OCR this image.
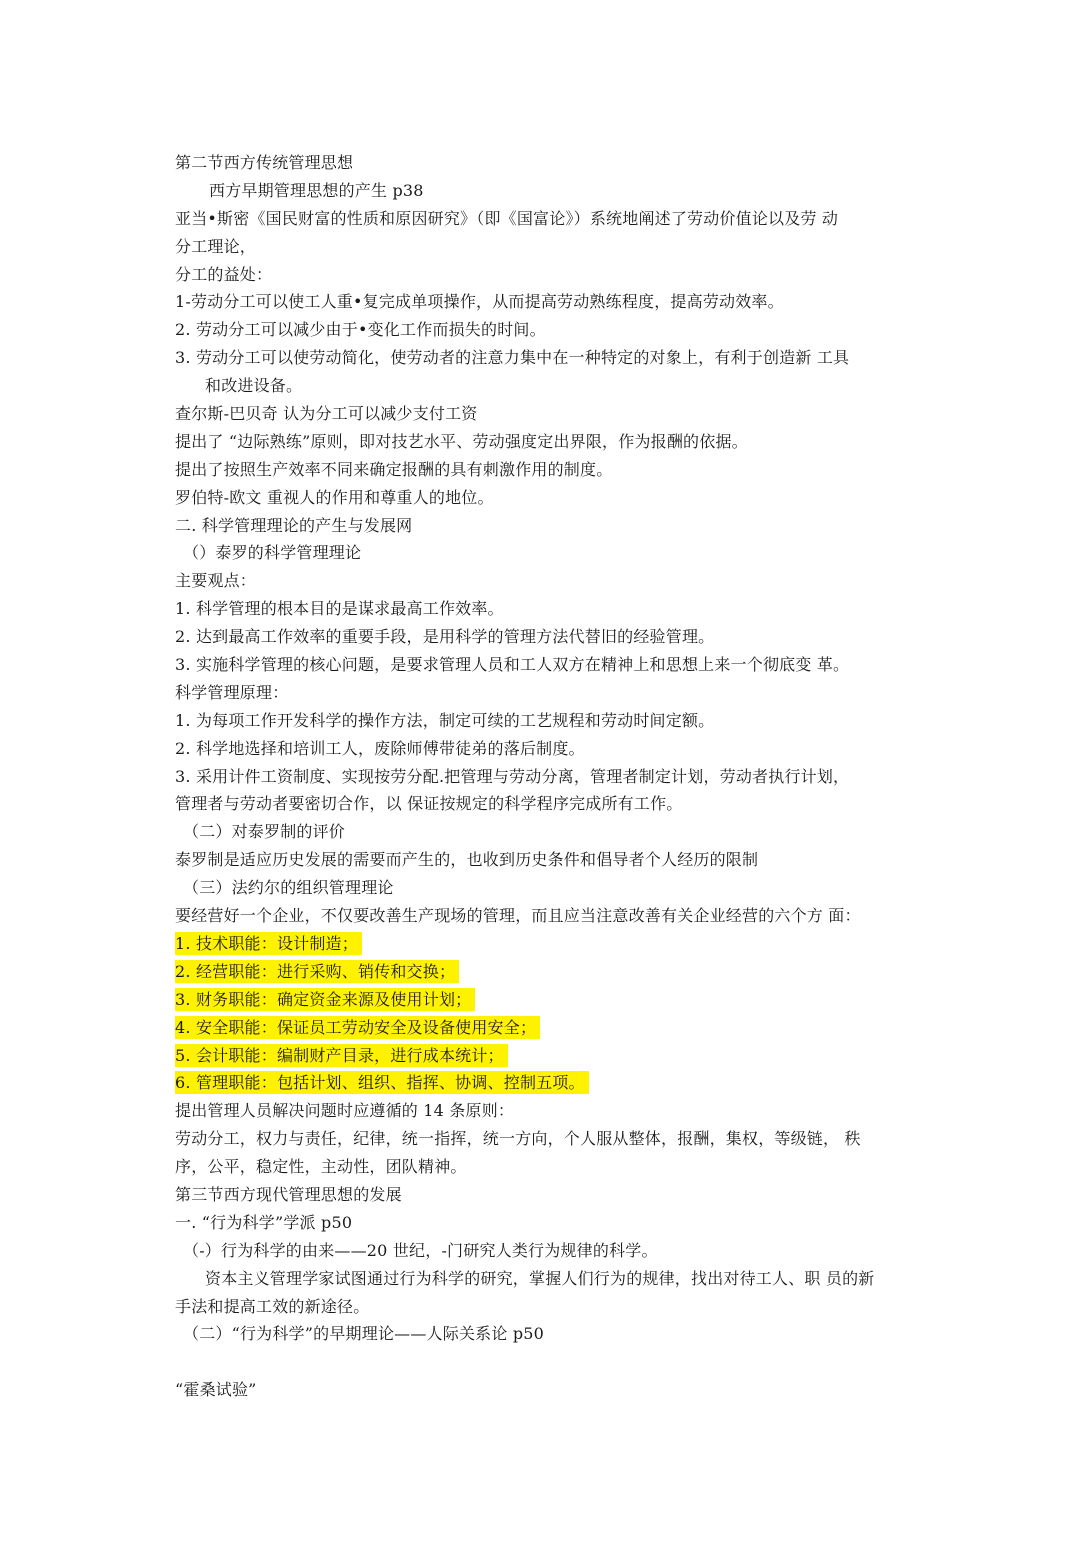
第二节西方传统管理思想
西方早期管理思想的产生 p38
亚当•斯密《国民财富的性质和原因研究》（即《国富论》）系统地阐述了劳动价值论以及劳 动
分工理论，
分工的益处：
1-劳动分工可以使工人重•复完成单项操作，从而提高劳动熟练程度，提高劳动效率。
2. 劳动分工可以减少由于•变化工作而损失的时间。
3. 劳动分工可以使劳动简化，使劳动者的注意力集中在一种特定的对象上，有利于创造新 工具
和改进设备。
查尔斯-巴贝奇 认为分工可以减少支付工资
提出了 “边际熟练”原则，即对技艺水平、劳动强度定出界限，作为报酬的依据。
提出了按照生产效率不同来确定报酬的具有刺激作用的制度。
罗伯特-欧文 重视人的作用和尊重人的地位。
二. 科学管理理论的产生与发展网
（）泰罗的科学管理理论
主要观点：
1. 科学管理的根本目的是谋求最高工作效率。
2. 达到最高工作效率的重要手段，是用科学的管理方法代替旧的经验管理。
3. 实施科学管理的核心问题，是要求管理人员和工人双方在精神上和思想上来一个彻底变 革。
科学管理原理：
1. 为每项工作开发科学的操作方法，制定可续的工艺规程和劳动时间定额。
2. 科学地选择和培训工人，废除师傅带徒弟的落后制度。
3. 采用计件工资制度、实现按劳分配.把管理与劳动分离，管理者制定计划，劳动者执行计划，
管理者与劳动者要密切合作，以 保证按规定的科学程序完成所有工作。
（二）对泰罗制的评价
泰罗制是适应历史发展的需要而产生的，也收到历史条件和倡导者个人经历的限制
（三）法约尔的组织管理理论
要经营好一个企业，不仅要改善生产现场的管理，而且应当注意改善有关企业经营的六个方 面：
1. 技术职能：设计制造；
2. 经营职能：进行采购、销传和交换；
3. 财务职能：确定资金来源及使用计划；
4. 安全职能：保证员工劳动安全及设备使用安全；
5. 会计职能：编制财产目录，进行成本统计；
6. 管理职能：包括计划、组织、指挥、协调、控制五项。
提出管理人员解决问题时应遵循的 14 条原则：
劳动分工，权力与责任，纪律，统一指挥，统一方向，个人服从整体，报酬，集权，等级链， 秩
序，公平，稳定性，主动性，团队精神。
第三节西方现代管理思想的发展
一. “行为科学”学派 p50
（-）行为科学的由来——20 世纪，-门研究人类行为规律的科学。
资本主义管理学家试图通过行为科学的研究，掌握人们行为的规律，找出对待工人、职 员的新
手法和提高工效的新途径。
（二）“行为科学”的早期理论——人际关系论 p50
“霍桑试验”
